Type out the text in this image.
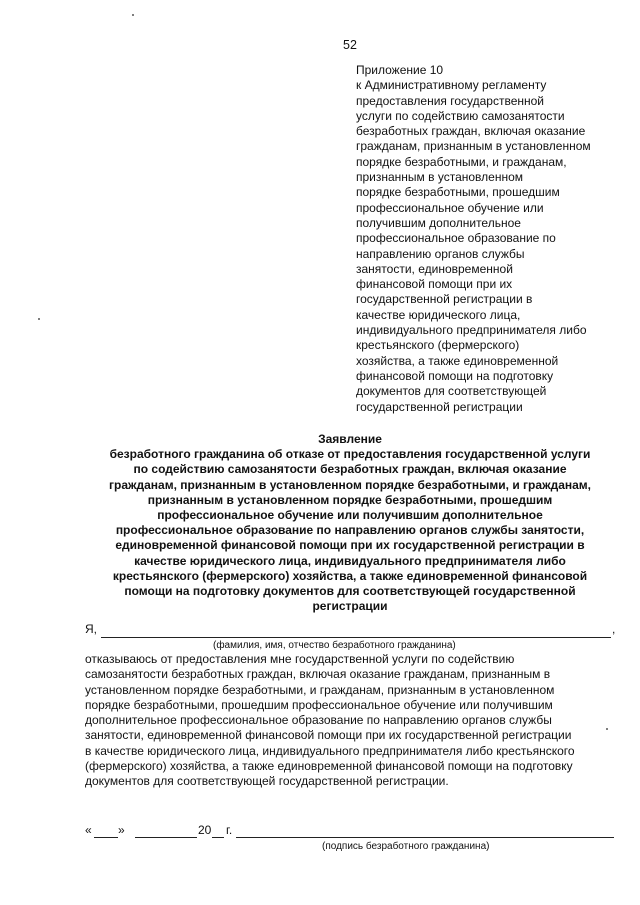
52
Приложение 10
к Административному регламенту
предоставления государственной
услуги по содействию самозанятости
безработных граждан, включая оказание
гражданам, признанным в установленном
порядке безработными, и гражданам,
признанным в установленном
порядке безработными, прошедшим
профессиональное обучение или
получившим дополнительное
профессиональное образование по
направлению органов службы
занятости, единовременной
финансовой помощи при их
государственной регистрации в
качестве юридического лица,
индивидуального предпринимателя либо
крестьянского (фермерского)
хозяйства, а также единовременной
финансовой помощи на подготовку
документов для соответствующей
государственной регистрации
Заявление
безработного гражданина об отказе от предоставления государственной услуги
по содействию самозанятости безработных граждан, включая оказание
гражданам, признанным в установленном порядке безработными, и гражданам,
признанным в установленном порядке безработными, прошедшим
профессиональное обучение или получившим дополнительное
профессиональное образование по направлению органов службы занятости,
единовременной финансовой помощи при их государственной регистрации в
качестве юридического лица, индивидуального предпринимателя либо
крестьянского (фермерского) хозяйства, а также единовременной финансовой
помощи на подготовку документов для соответствующей государственной
регистрации
Я,	,
(фамилия, имя, отчество безработного гражданина)
отказываюсь от предоставления мне государственной услуги по содействию
самозанятости безработных граждан, включая оказание гражданам, признанным в
установленном порядке безработными, и гражданам, признанным в установленном
порядке безработными, прошедшим профессиональное обучение или получившим
дополнительное профессиональное образование по направлению органов службы
занятости, единовременной финансовой помощи при их государственной регистрации
в качестве юридического лица, индивидуального предпринимателя либо крестьянского
(фермерского) хозяйства, а также единовременной финансовой помощи на подготовку
документов для соответствующей государственной регистрации.
« »	20 г.
(подпись безработного гражданина)
